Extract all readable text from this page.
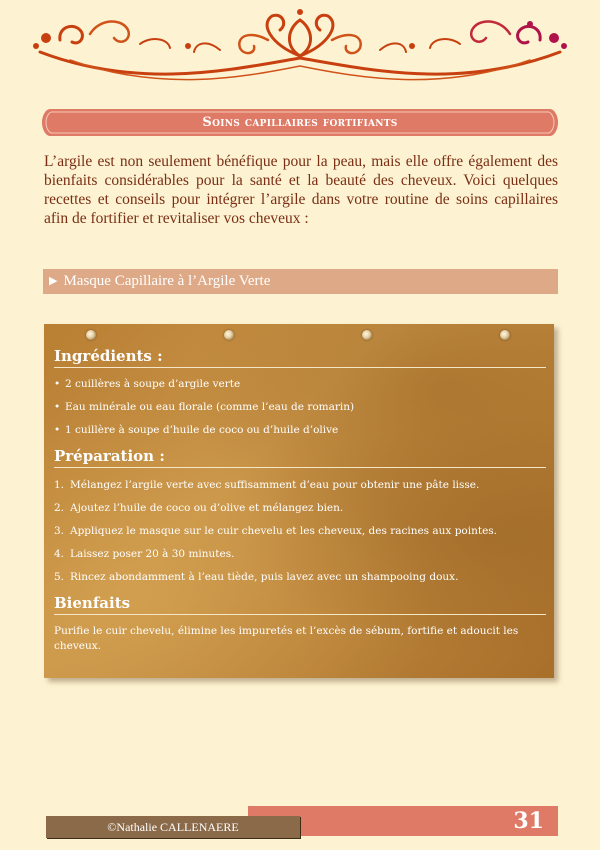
Soins capillaires fortifiants

L’argile est non seulement bénéfique pour la peau, mais elle offre également des bienfaits considérables pour la santé et la beauté des cheveux. Voici quelques recettes et conseils pour intégrer l’argile dans votre routine de soins capillaires afin de fortifier et revitaliser vos cheveux :

▶ Masque Capillaire à l’Argile Verte
Ingrédients :
• 2 cuillères à soupe d’argile verte
• Eau minérale ou eau florale (comme l’eau de romarin)
• 1 cuillère à soupe d’huile de coco ou d’huile d’olive
Préparation :
1. Mélangez l’argile verte avec suffisamment d’eau pour obtenir une pâte lisse.
2. Ajoutez l’huile de coco ou d’olive et mélangez bien.
3. Appliquez le masque sur le cuir chevelu et les cheveux, des racines aux pointes.
4. Laissez poser 20 à 30 minutes.
5. Rincez abondamment à l’eau tiède, puis lavez avec un shampooing doux.
Bienfaits

Purifie le cuir chevelu, élimine les impuretés et l’excès de sébum, fortifie et adoucit les cheveux.

31
©Nathalie CALLENAERE
